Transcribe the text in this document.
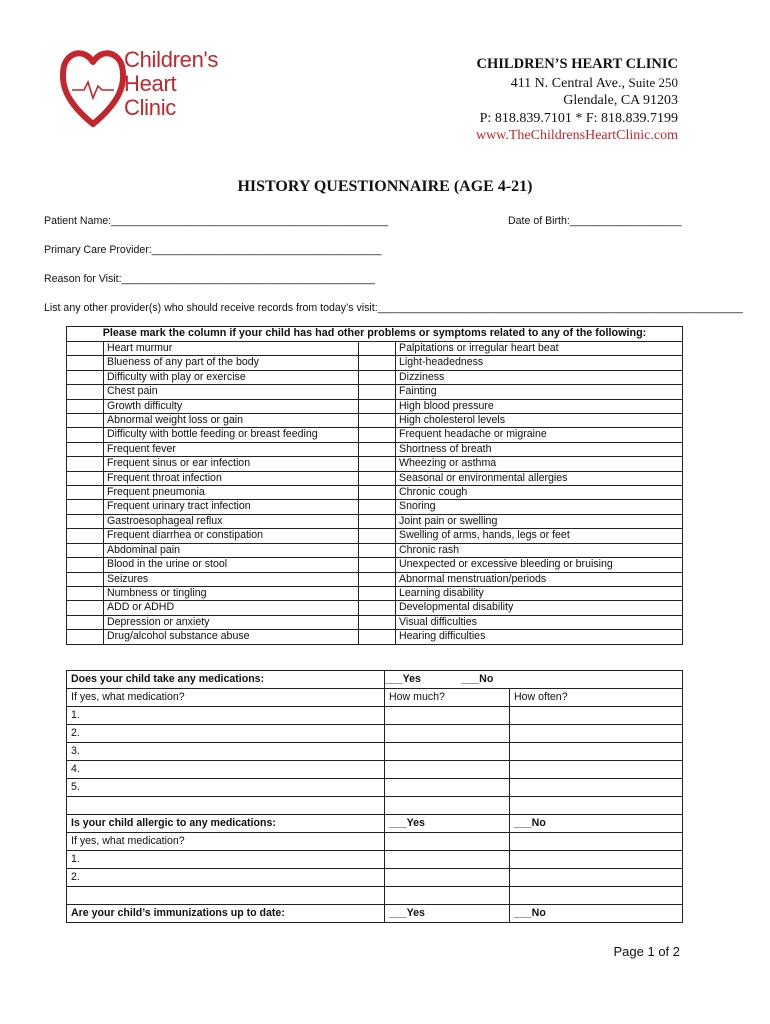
Children's
Heart
Clinic
CHILDREN’S HEART CLINIC
411 N. Central Ave., Suite 250
Glendale, CA 91203
P: 818.839.7101 * F: 818.839.7199
www.TheChildrensHeartClinic.com
HISTORY QUESTIONNAIRE (AGE 4-21)
Patient Name:_______________________________________________	Date of Birth:___________________
Primary Care Provider:_______________________________________
Reason for Visit:___________________________________________
List any other provider(s) who should receive records from today’s visit:______________________________________________________________
Please mark the column if your child has had other problems or symptoms related to any of the following:			
	Heart murmur		Palpitations or irregular heart beat
	Blueness of any part of the body		Light-headedness
	Difficulty with play or exercise		Dizziness
	Chest pain		Fainting
	Growth difficulty		High blood pressure
	Abnormal weight loss or gain		High cholesterol levels
	Difficulty with bottle feeding or breast feeding		Frequent headache or migraine
	Frequent fever		Shortness of breath
	Frequent sinus or ear infection		Wheezing or asthma
	Frequent throat infection		Seasonal or environmental allergies
	Frequent pneumonia		Chronic cough
	Frequent urinary tract infection		Snoring
	Gastroesophageal reflux		Joint pain or swelling
	Frequent diarrhea or constipation		Swelling of arms, hands, legs or feet
	Abdominal pain		Chronic rash
	Blood in the urine or stool		Unexpected or excessive bleeding or bruising
	Seizures		Abnormal menstruation/periods
	Numbness or tingling		Learning disability
	ADD or ADHD		Developmental disability
	Depression or anxiety		Visual difficulties
	Drug/alcohol substance abuse		Hearing difficulties
Does your child take any medications:	___Yes	___No
If yes, what medication?	How much?	How often?
1.		
2.		
3.		
4.		
5.		

Is your child allergic to any medications:	___Yes	___No
If yes, what medication?		
1.		
2.		

Are your child’s immunizations up to date:	___Yes	___No
Page 1 of 2
